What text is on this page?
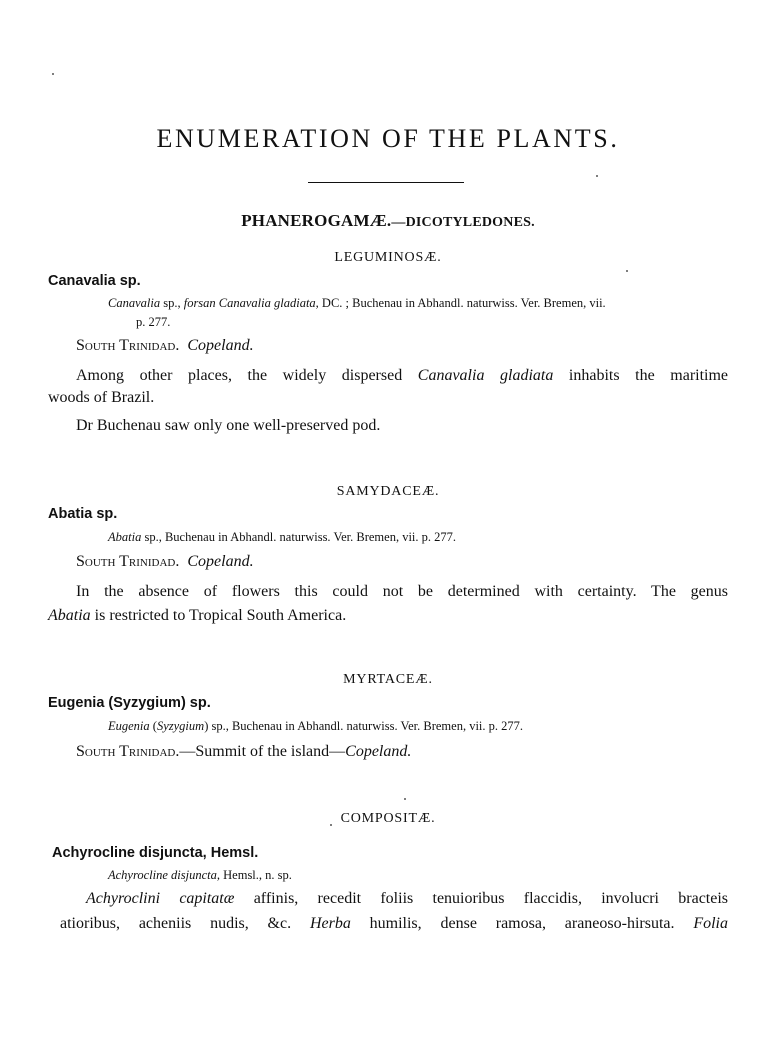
ENUMERATION OF THE PLANTS.
PHANEROGAMÆ.—DICOTYLEDONES.
LEGUMINOSÆ.
Canavalia sp.
Canavalia sp., forsan Canavalia gladiata, DC. ; Buchenau in Abhandl. naturwiss. Ver. Bremen, vii.
p. 277.
South Trinidad. Copeland.
Among other places, the widely dispersed Canavalia gladiata inhabits the maritime
woods of Brazil.
Dr Buchenau saw only one well-preserved pod.
SAMYDACEÆ.
Abatia sp.
Abatia sp., Buchenau in Abhandl. naturwiss. Ver. Bremen, vii. p. 277.
South Trinidad. Copeland.
In the absence of flowers this could not be determined with certainty. The genus
Abatia is restricted to Tropical South America.
MYRTACEÆ.
Eugenia (Syzygium) sp.
Eugenia (Syzygium) sp., Buchenau in Abhandl. naturwiss. Ver. Bremen, vii. p. 277.
South Trinidad.—Summit of the island—Copeland.
COMPOSITÆ.
Achyrocline disjuncta, Hemsl.
Achyrocline disjuncta, Hemsl., n. sp.
Achyroclini capitatæ affinis, recedit foliis tenuioribus flaccidis, involucri bracteis
atioribus, acheniis nudis, &c. Herba humilis, dense ramosa, araneoso-hirsuta. Folia
